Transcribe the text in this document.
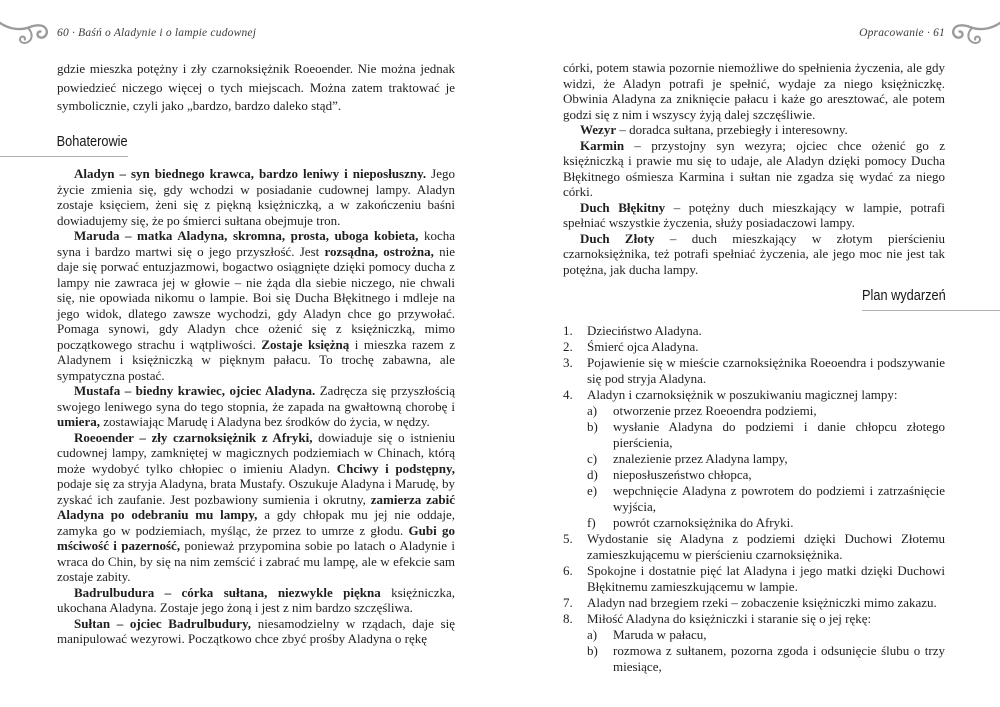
60 · Baśń o Aladynie i o lampie cudownej	Opracowanie · 61
Bohaterowie

gdzie mieszka potężny i zły czarnoksiężnik Roeoender. Nie można jednak powiedzieć niczego więcej o tych miejscach. Można zatem traktować je symbolicznie, czyli jako „bardzo, bardzo daleko stąd”.

Aladyn – syn biednego krawca, bardzo leniwy i nieposłuszny. Jego życie zmienia się, gdy wchodzi w posiadanie cudownej lampy. Aladyn zostaje księciem, żeni się z piękną księżniczką, a w zakończeniu baśni dowiadujemy się, że po śmierci sułtana obejmuje tron.

Maruda – matka Aladyna, skromna, prosta, uboga kobieta, kocha syna i bardzo martwi się o jego przyszłość. Jest rozsądna, ostrożna, nie daje się porwać entuzjazmowi, bogactwo osiągnięte dzięki pomocy ducha z lampy nie zawraca jej w głowie – nie żąda dla siebie niczego, nie chwali się, nie opowiada nikomu o lampie. Boi się Ducha Błękitnego i mdleje na jego widok, dlatego zawsze wychodzi, gdy Aladyn chce go przywołać. Pomaga synowi, gdy Aladyn chce ożenić się z księżniczką, mimo początkowego strachu i wątpliwości. Zostaje księżną i mieszka razem z Aladynem i księżniczką w pięknym pałacu. To trochę zabawna, ale sympatyczna postać.

Mustafa – biedny krawiec, ojciec Aladyna. Zadręcza się przyszłością swojego leniwego syna do tego stopnia, że zapada na gwałtowną chorobę i umiera, zostawiając Marudę i Aladyna bez środków do życia, w nędzy.

Roeoender – zły czarnoksiężnik z Afryki, dowiaduje się o istnieniu cudownej lampy, zamkniętej w magicznych podziemiach w Chinach, którą może wydobyć tylko chłopiec o imieniu Aladyn. Chciwy i podstępny, podaje się za stryja Aladyna, brata Mustafy. Oszukuje Aladyna i Marudę, by zyskać ich zaufanie. Jest pozbawiony sumienia i okrutny, zamierza zabić Aladyna po odebraniu mu lampy, a gdy chłopak mu jej nie oddaje, zamyka go w podziemiach, myśląc, że przez to umrze z głodu. Gubi go mściwość i pazerność, ponieważ przypomina sobie po latach o Aladynie i wraca do Chin, by się na nim zemścić i zabrać mu lampę, ale w efekcie sam zostaje zabity.

Badrulbudura – córka sułtana, niezwykle piękna księżniczka, ukochana Aladyna. Zostaje jego żoną i jest z nim bardzo szczęśliwa.

Sułtan – ojciec Badrulbudury, niesamodzielny w rządach, daje się manipulować wezyrowi. Początkowo chce zbyć prośby Aladyna o rękę

córki, potem stawia pozornie niemożliwe do spełnienia życzenia, ale gdy widzi, że Aladyn potrafi je spełnić, wydaje za niego księżniczkę. Obwinia Aladyna za zniknięcie pałacu i każe go aresztować, ale potem godzi się z nim i wszyscy żyją dalej szczęśliwie.

Wezyr – doradca sułtana, przebiegły i interesowny.

Karmin – przystojny syn wezyra; ojciec chce ożenić go z księżniczką i prawie mu się to udaje, ale Aladyn dzięki pomocy Ducha Błękitnego ośmiesza Karmina i sułtan nie zgadza się wydać za niego córki.

Duch Błękitny – potężny duch mieszkający w lampie, potrafi spełniać wszystkie życzenia, służy posiadaczowi lampy.

Duch Złoty – duch mieszkający w złotym pierścieniu czarnoksiężnika, też potrafi spełniać życzenia, ale jego moc nie jest tak potężna, jak ducha lampy.

Plan wydarzeń
1.	Dzieciństwo Aladyna.
2.	Śmierć ojca Aladyna.
3.	Pojawienie się w mieście czarnoksiężnika Roeoendra i podszywanie się pod stryja Aladyna.
4.	Aladyn i czarnoksiężnik w poszukiwaniu magicznej lampy:
a)	otworzenie przez Roeoendra podziemi,
b)	wysłanie Aladyna do podziemi i danie chłopcu złotego pierścienia,
c)	znalezienie przez Aladyna lampy,
d)	nieposłuszeństwo chłopca,
e)	wepchnięcie Aladyna z powrotem do podziemi i zatrzaśnięcie wyjścia,
f)	powrót czarnoksiężnika do Afryki.
5.	Wydostanie się Aladyna z podziemi dzięki Duchowi Złotemu zamieszkującemu w pierścieniu czarnoksiężnika.
6.	Spokojne i dostatnie pięć lat Aladyna i jego matki dzięki Duchowi Błękitnemu zamieszkującemu w lampie.
7.	Aladyn nad brzegiem rzeki – zobaczenie księżniczki mimo zakazu.
8.	Miłość Aladyna do księżniczki i staranie się o jej rękę:
a)	Maruda w pałacu,
b)	rozmowa z sułtanem, pozorna zgoda i odsunięcie ślubu o trzy miesiące,
